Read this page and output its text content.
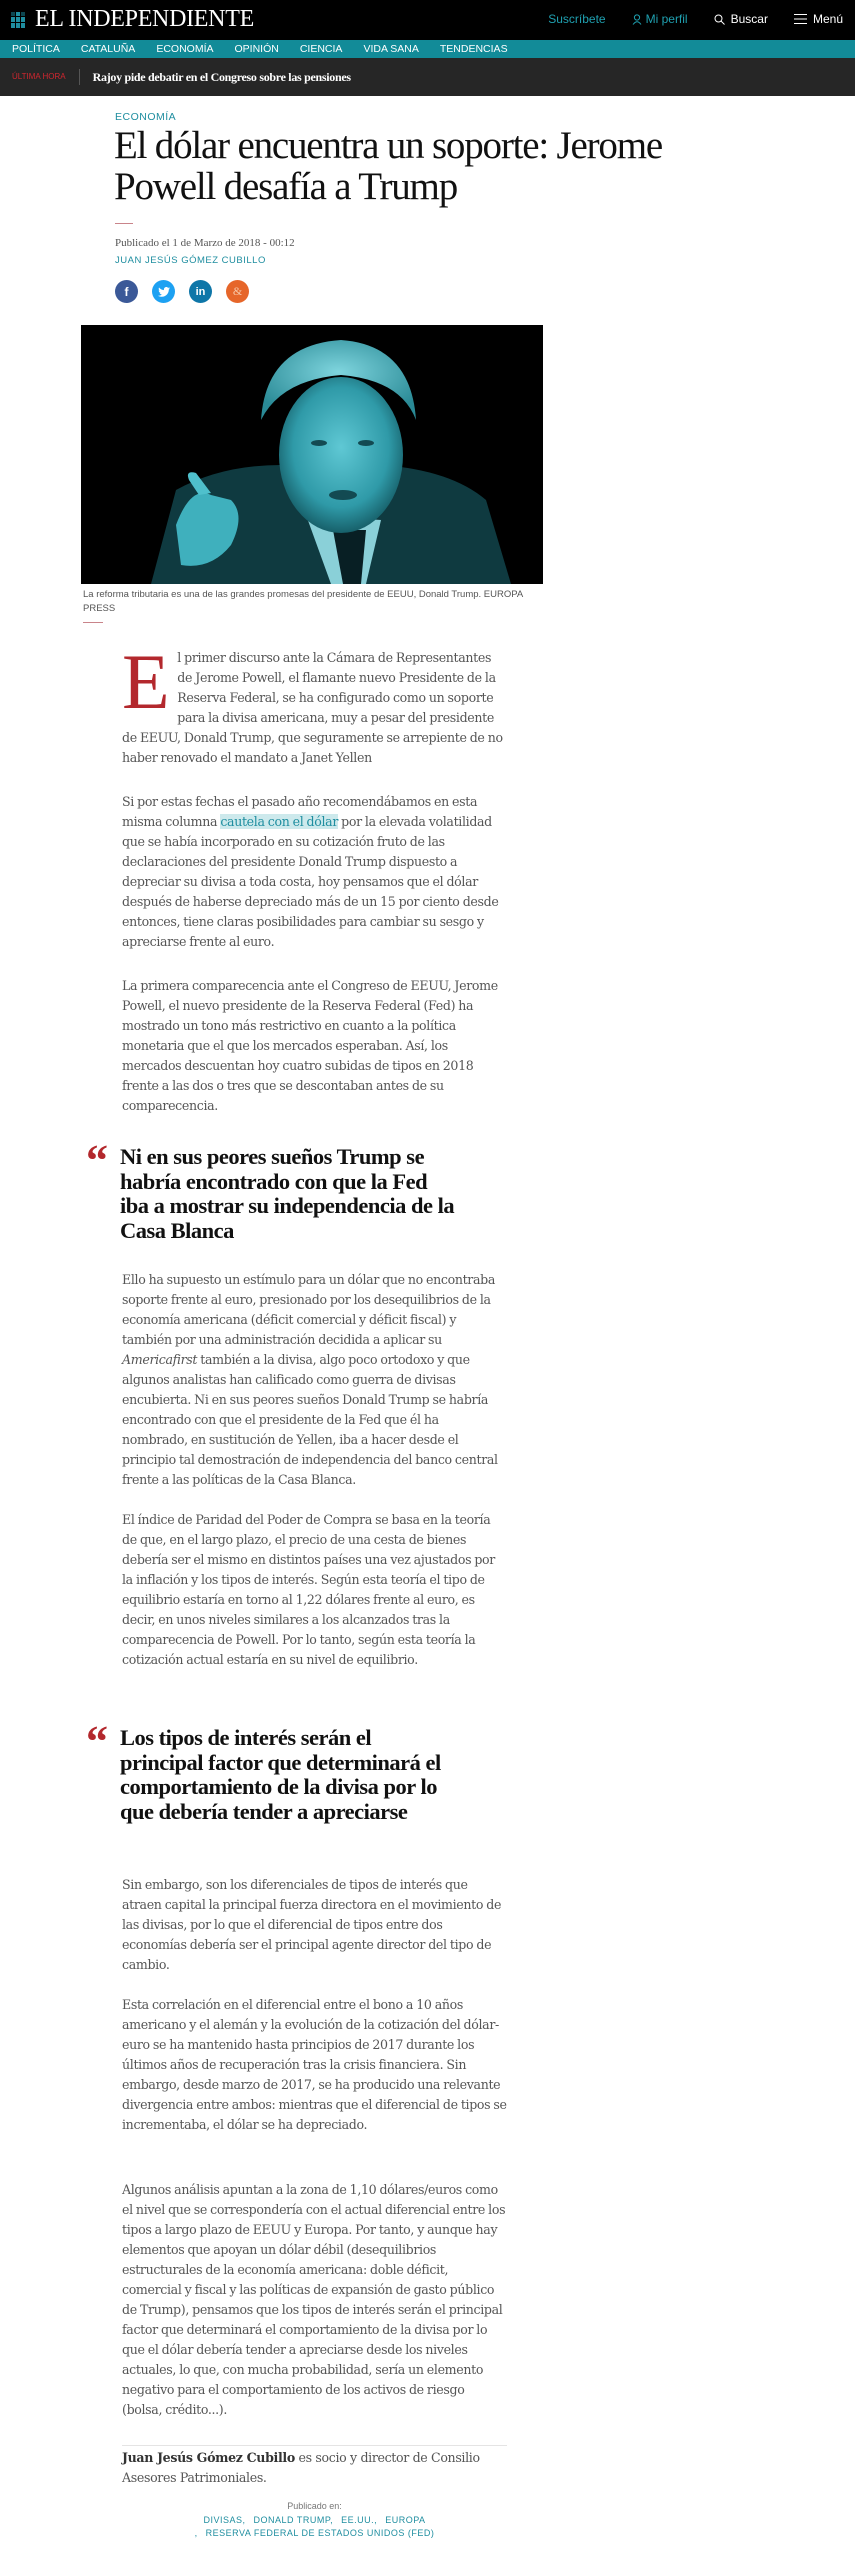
EL INDEPENDIENTE	Suscríbete	Mi perfil	Buscar	Menú
POLÍTICA CATALUÑA ECONOMÍA OPINIÓN CIENCIA VIDA SANA TENDENCIAS
ÚLTIMA HORA	Rajoy pide debatir en el Congreso sobre las pensiones
ECONOMÍA
El dólar encuentra un soporte: Jerome Powell desafía a Trump
Publicado el 1 de Marzo de 2018 - 00:12
JUAN JESÚS GÓMEZ CUBILLO
f	in &
La reforma tributaria es una de las grandes promesas del presidente de EEUU, Donald Trump. EUROPA PRESS

El primer discurso ante la Cámara de Representantes de Jerome Powell, el flamante nuevo Presidente de la Reserva Federal, se ha configurado como un soporte para la divisa americana, muy a pesar del presidente de EEUU, Donald Trump, que seguramente se arrepiente de no haber renovado el mandato a Janet Yellen

Si por estas fechas el pasado año recomendábamos en esta misma columna cautela con el dólar por la elevada volatilidad que se había incorporado en su cotización fruto de las declaraciones del presidente Donald Trump dispuesto a depreciar su divisa a toda costa, hoy pensamos que el dólar después de haberse depreciado más de un 15 por ciento desde entonces, tiene claras posibilidades para cambiar su sesgo y apreciarse frente al euro.

La primera comparecencia ante el Congreso de EEUU, Jerome Powell, el nuevo presidente de la Reserva Federal (Fed) ha mostrado un tono más restrictivo en cuanto a la política monetaria que el que los mercados esperaban. Así, los mercados descuentan hoy cuatro subidas de tipos en 2018 frente a las dos o tres que se descontaban antes de su comparecencia.

“ Ni en sus peores sueños Trump se habría encontrado con que la Fed iba a mostrar su independencia de la Casa Blanca

Ello ha supuesto un estímulo para un dólar que no encontraba soporte frente al euro, presionado por los desequilibrios de la economía americana (déficit comercial y déficit fiscal) y también por una administración decidida a aplicar su Americafirst también a la divisa, algo poco ortodoxo y que algunos analistas han calificado como guerra de divisas encubierta. Ni en sus peores sueños Donald Trump se habría encontrado con que el presidente de la Fed que él ha nombrado, en sustitución de Yellen, iba a hacer desde el principio tal demostración de independencia del banco central frente a las políticas de la Casa Blanca.

El índice de Paridad del Poder de Compra se basa en la teoría de que, en el largo plazo, el precio de una cesta de bienes debería ser el mismo en distintos países una vez ajustados por la inflación y los tipos de interés. Según esta teoría el tipo de equilibrio estaría en torno al 1,22 dólares frente al euro, es decir, en unos niveles similares a los alcanzados tras la comparecencia de Powell. Por lo tanto, según esta teoría la cotización actual estaría en su nivel de equilibrio.

“ Los tipos de interés serán el principal factor que determinará el comportamiento de la divisa por lo que debería tender a apreciarse

Sin embargo, son los diferenciales de tipos de interés que atraen capital la principal fuerza directora en el movimiento de las divisas, por lo que el diferencial de tipos entre dos economías debería ser el principal agente director del tipo de cambio.

Esta correlación en el diferencial entre el bono a 10 años americano y el alemán y la evolución de la cotización del dólar-euro se ha mantenido hasta principios de 2017 durante los últimos años de recuperación tras la crisis financiera. Sin embargo, desde marzo de 2017, se ha producido una relevante divergencia entre ambos: mientras que el diferencial de tipos se incrementaba, el dólar se ha depreciado.

Algunos análisis apuntan a la zona de 1,10 dólares/euros como el nivel que se correspondería con el actual diferencial entre los tipos a largo plazo de EEUU y Europa. Por tanto, y aunque hay elementos que apoyan un dólar débil (desequilibrios estructurales de la economía americana: doble déficit, comercial y fiscal y las políticas de expansión de gasto público de Trump), pensamos que los tipos de interés serán el principal factor que determinará el comportamiento de la divisa por lo que el dólar debería tender a apreciarse desde los niveles actuales, lo que, con mucha probabilidad, sería un elemento negativo para el comportamiento de los activos de riesgo (bolsa, crédito...).

Juan Jesús Gómez Cubillo es socio y director de Consilio Asesores Patrimoniales.
Publicado en:
DIVISAS, DONALD TRUMP, EE.UU., EUROPA
, RESERVA FEDERAL DE ESTADOS UNIDOS (FED)
